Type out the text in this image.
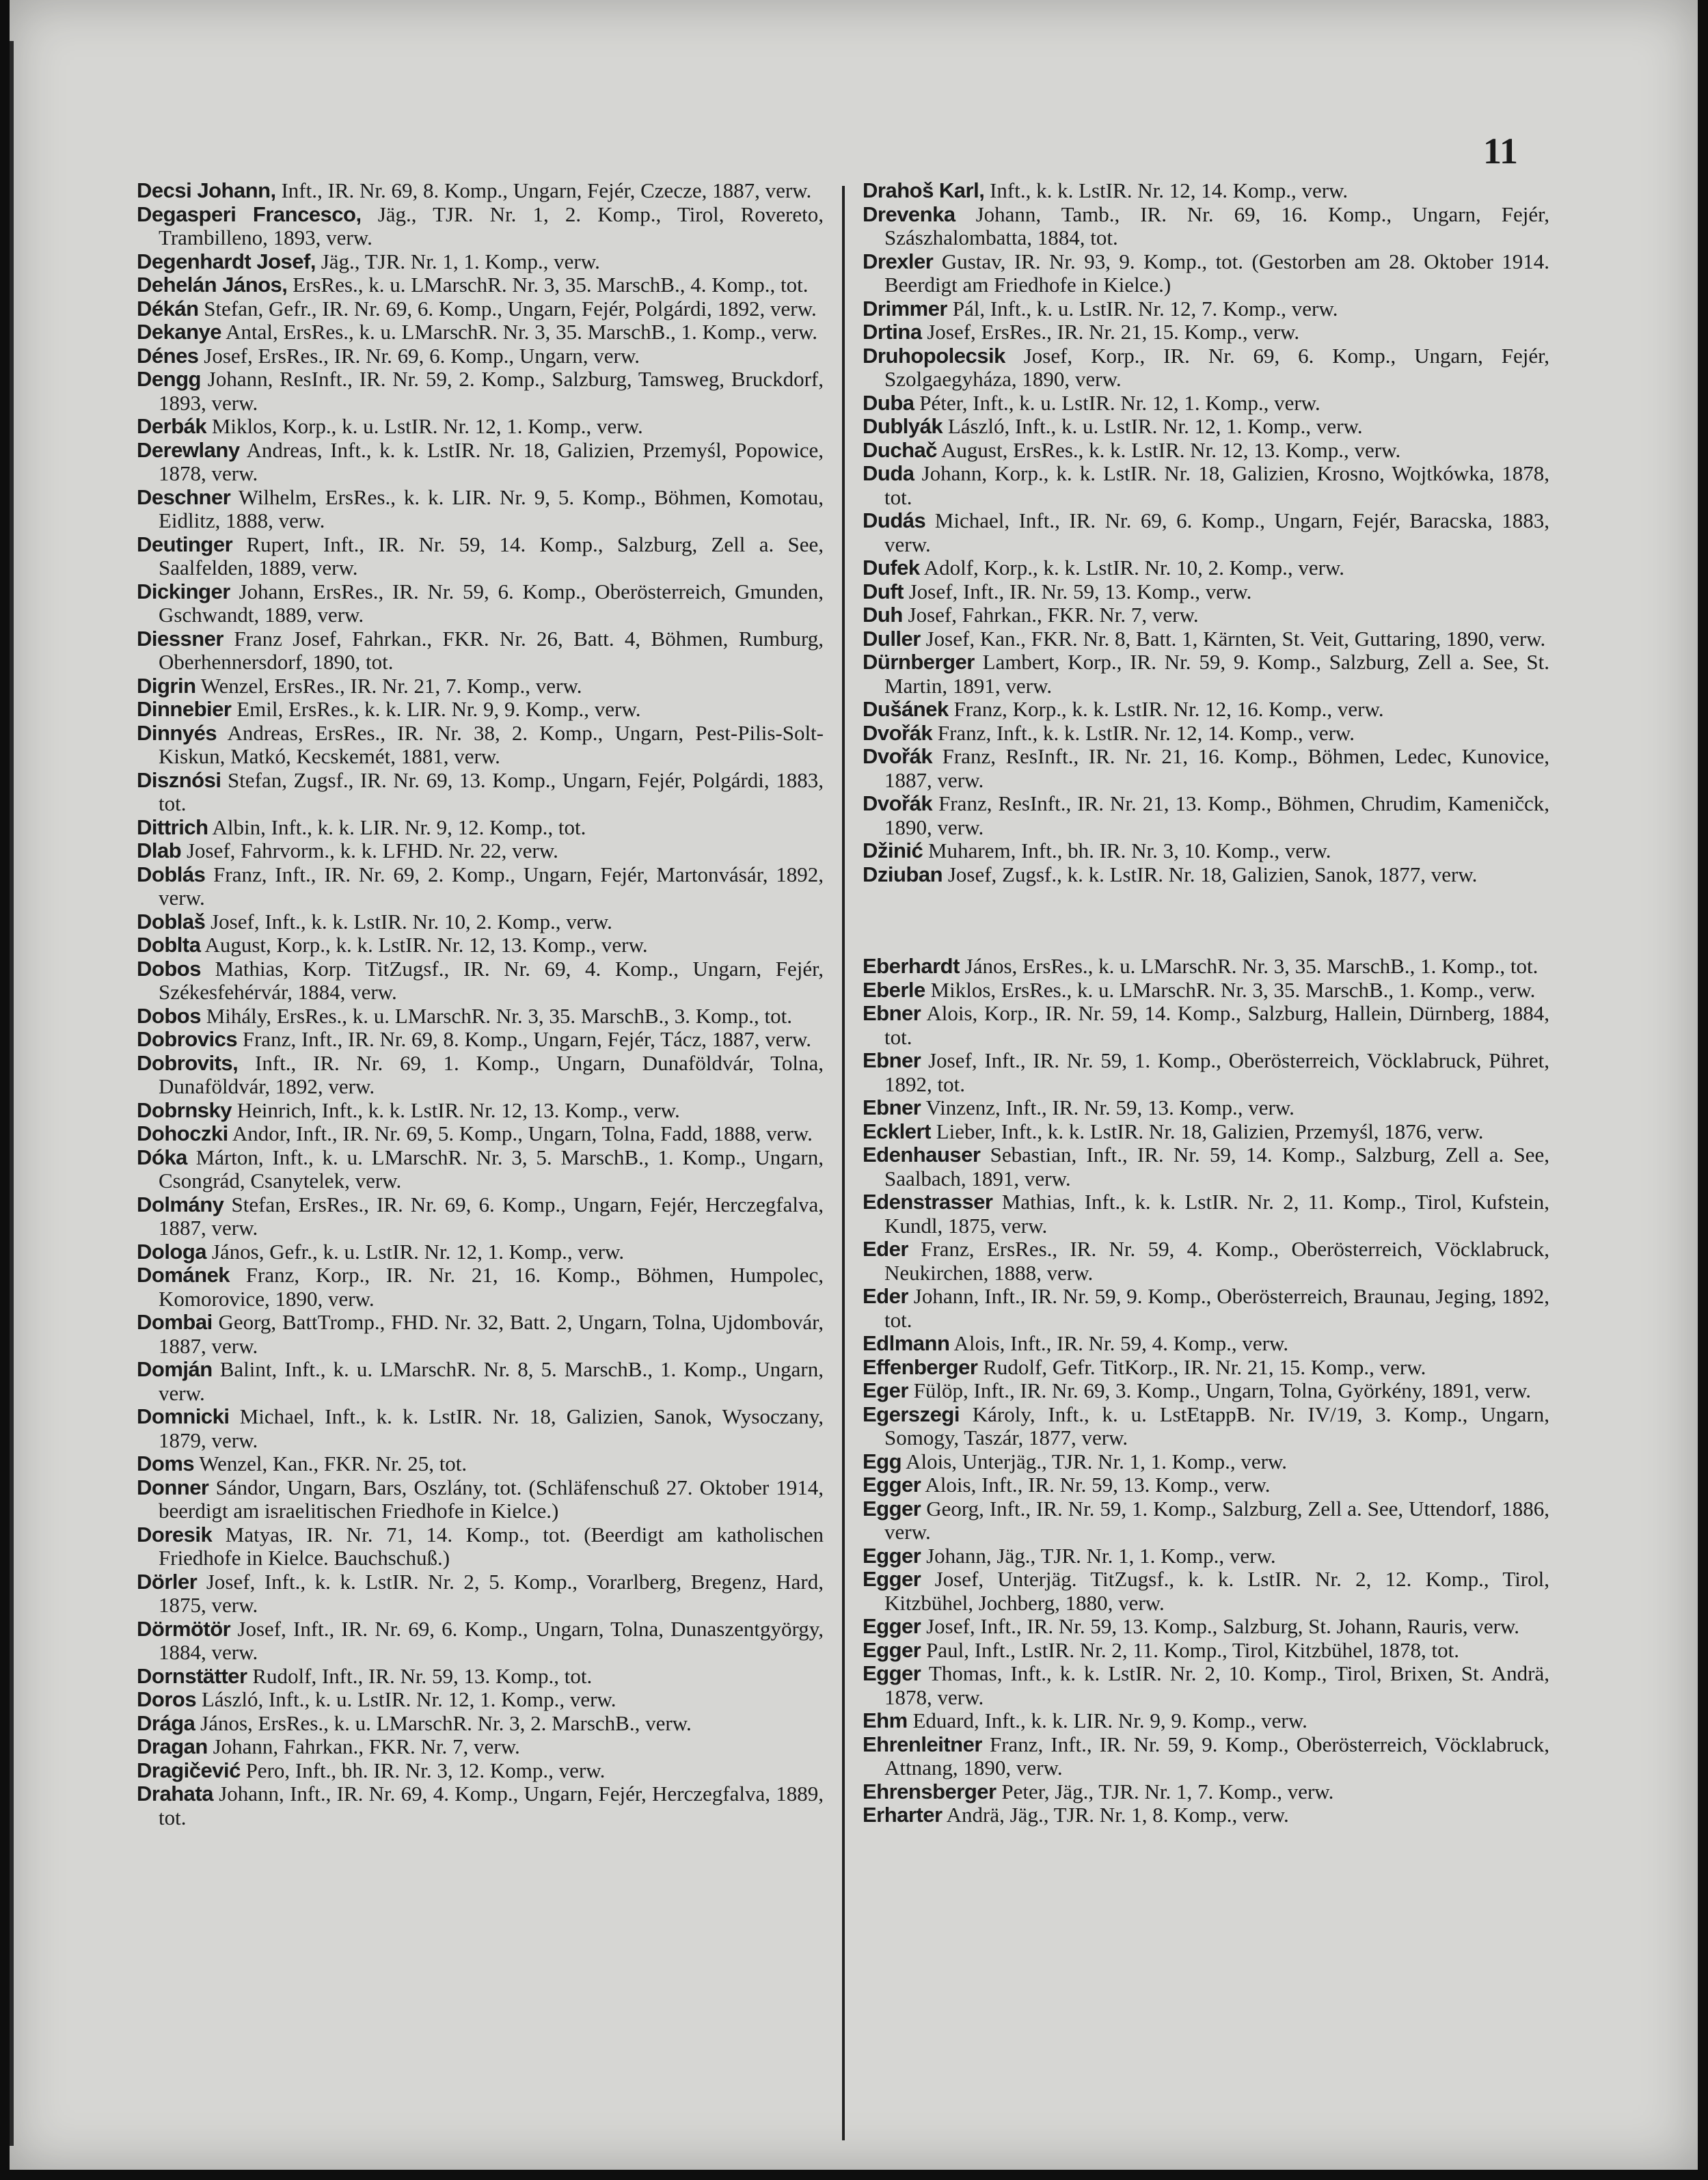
11

Decsi Johann, Inft., IR. Nr. 69, 8. Komp., Ungarn, Fejér, Czecze, 1887, verw.

Degasperi Francesco, Jäg., TJR. Nr. 1, 2. Komp., Tirol, Rovereto, Trambilleno, 1893, verw.

Degenhardt Josef, Jäg., TJR. Nr. 1, 1. Komp., verw.

Dehelán János, ErsRes., k. u. LMarschR. Nr. 3, 35. MarschB., 4. Komp., tot.

Dékán Stefan, Gefr., IR. Nr. 69, 6. Komp., Ungarn, Fejér, Polgárdi, 1892, verw.

Dekanye Antal, ErsRes., k. u. LMarschR. Nr. 3, 35. MarschB., 1. Komp., verw.

Dénes Josef, ErsRes., IR. Nr. 69, 6. Komp., Ungarn, verw.

Dengg Johann, ResInft., IR. Nr. 59, 2. Komp., Salzburg, Tamsweg, Bruckdorf, 1893, verw.

Derbák Miklos, Korp., k. u. LstIR. Nr. 12, 1. Komp., verw.

Derewlany Andreas, Inft., k. k. LstIR. Nr. 18, Galizien, Przemyśl, Popowice, 1878, verw.

Deschner Wilhelm, ErsRes., k. k. LIR. Nr. 9, 5. Komp., Böhmen, Komotau, Eidlitz, 1888, verw.

Deutinger Rupert, Inft., IR. Nr. 59, 14. Komp., Salzburg, Zell a. See, Saalfelden, 1889, verw.

Dickinger Johann, ErsRes., IR. Nr. 59, 6. Komp., Oberösterreich, Gmunden, Gschwandt, 1889, verw.

Diessner Franz Josef, Fahrkan., FKR. Nr. 26, Batt. 4, Böhmen, Rumburg, Oberhennersdorf, 1890, tot.

Digrin Wenzel, ErsRes., IR. Nr. 21, 7. Komp., verw.

Dinnebier Emil, ErsRes., k. k. LIR. Nr. 9, 9. Komp., verw.

Dinnyés Andreas, ErsRes., IR. Nr. 38, 2. Komp., Ungarn, Pest-Pilis-Solt-Kiskun, Matkó, Kecskemét, 1881, verw.

Disznósi Stefan, Zugsf., IR. Nr. 69, 13. Komp., Ungarn, Fejér, Polgárdi, 1883, tot.

Dittrich Albin, Inft., k. k. LIR. Nr. 9, 12. Komp., tot.

Dlab Josef, Fahrvorm., k. k. LFHD. Nr. 22, verw.

Doblás Franz, Inft., IR. Nr. 69, 2. Komp., Ungarn, Fejér, Martonvásár, 1892, verw.

Doblaš Josef, Inft., k. k. LstIR. Nr. 10, 2. Komp., verw.

Doblta August, Korp., k. k. LstIR. Nr. 12, 13. Komp., verw.

Dobos Mathias, Korp. TitZugsf., IR. Nr. 69, 4. Komp., Ungarn, Fejér, Székesfehérvár, 1884, verw.

Dobos Mihály, ErsRes., k. u. LMarschR. Nr. 3, 35. MarschB., 3. Komp., tot.

Dobrovics Franz, Inft., IR. Nr. 69, 8. Komp., Ungarn, Fejér, Tácz, 1887, verw.

Dobrovits, Inft., IR. Nr. 69, 1. Komp., Ungarn, Dunaföldvár, Tolna, Dunaföldvár, 1892, verw.

Dobrnsky Heinrich, Inft., k. k. LstIR. Nr. 12, 13. Komp., verw.

Dohoczki Andor, Inft., IR. Nr. 69, 5. Komp., Ungarn, Tolna, Fadd, 1888, verw.

Dóka Márton, Inft., k. u. LMarschR. Nr. 3, 5. MarschB., 1. Komp., Ungarn, Csongrád, Csanytelek, verw.

Dolmány Stefan, ErsRes., IR. Nr. 69, 6. Komp., Ungarn, Fejér, Herczegfalva, 1887, verw.

Dologa János, Gefr., k. u. LstIR. Nr. 12, 1. Komp., verw.

Dománek Franz, Korp., IR. Nr. 21, 16. Komp., Böhmen, Humpolec, Komorovice, 1890, verw.

Dombai Georg, BattTromp., FHD. Nr. 32, Batt. 2, Ungarn, Tolna, Ujdombovár, 1887, verw.

Domján Balint, Inft., k. u. LMarschR. Nr. 8, 5. MarschB., 1. Komp., Ungarn, verw.

Domnicki Michael, Inft., k. k. LstIR. Nr. 18, Galizien, Sanok, Wysoczany, 1879, verw.

Doms Wenzel, Kan., FKR. Nr. 25, tot.

Donner Sándor, Ungarn, Bars, Oszlány, tot. (Schläfenschuß 27. Oktober 1914, beerdigt am israelitischen Friedhofe in Kielce.)

Doresik Matyas, IR. Nr. 71, 14. Komp., tot. (Beerdigt am katholischen Friedhofe in Kielce. Bauchschuß.)

Dörler Josef, Inft., k. k. LstIR. Nr. 2, 5. Komp., Vorarlberg, Bregenz, Hard, 1875, verw.

Dörmötör Josef, Inft., IR. Nr. 69, 6. Komp., Ungarn, Tolna, Dunaszentgyörgy, 1884, verw.

Dornstätter Rudolf, Inft., IR. Nr. 59, 13. Komp., tot.

Doros László, Inft., k. u. LstIR. Nr. 12, 1. Komp., verw.

Drága János, ErsRes., k. u. LMarschR. Nr. 3, 2. MarschB., verw.

Dragan Johann, Fahrkan., FKR. Nr. 7, verw.

Dragičević Pero, Inft., bh. IR. Nr. 3, 12. Komp., verw.

Drahata Johann, Inft., IR. Nr. 69, 4. Komp., Ungarn, Fejér, Herczegfalva, 1889, tot.

Drahoš Karl, Inft., k. k. LstIR. Nr. 12, 14. Komp., verw.

Drevenka Johann, Tamb., IR. Nr. 69, 16. Komp., Ungarn, Fejér, Szászhalombatta, 1884, tot.

Drexler Gustav, IR. Nr. 93, 9. Komp., tot. (Gestorben am 28. Oktober 1914. Beerdigt am Friedhofe in Kielce.)

Drimmer Pál, Inft., k. u. LstIR. Nr. 12, 7. Komp., verw.

Drtina Josef, ErsRes., IR. Nr. 21, 15. Komp., verw.

Druhopolecsik Josef, Korp., IR. Nr. 69, 6. Komp., Ungarn, Fejér, Szolgaegyháza, 1890, verw.

Duba Péter, Inft., k. u. LstIR. Nr. 12, 1. Komp., verw.

Dublyák László, Inft., k. u. LstIR. Nr. 12, 1. Komp., verw.

Duchač August, ErsRes., k. k. LstIR. Nr. 12, 13. Komp., verw.

Duda Johann, Korp., k. k. LstIR. Nr. 18, Galizien, Krosno, Wojtkówka, 1878, tot.

Dudás Michael, Inft., IR. Nr. 69, 6. Komp., Ungarn, Fejér, Baracska, 1883, verw.

Dufek Adolf, Korp., k. k. LstIR. Nr. 10, 2. Komp., verw.

Duft Josef, Inft., IR. Nr. 59, 13. Komp., verw.

Duh Josef, Fahrkan., FKR. Nr. 7, verw.

Duller Josef, Kan., FKR. Nr. 8, Batt. 1, Kärnten, St. Veit, Guttaring, 1890, verw.

Dürnberger Lambert, Korp., IR. Nr. 59, 9. Komp., Salzburg, Zell a. See, St. Martin, 1891, verw.

Dušánek Franz, Korp., k. k. LstIR. Nr. 12, 16. Komp., verw.

Dvořák Franz, Inft., k. k. LstIR. Nr. 12, 14. Komp., verw.

Dvořák Franz, ResInft., IR. Nr. 21, 16. Komp., Böhmen, Ledec, Kunovice, 1887, verw.

Dvořák Franz, ResInft., IR. Nr. 21, 13. Komp., Böhmen, Chrudim, Kameničck, 1890, verw.

Džinić Muharem, Inft., bh. IR. Nr. 3, 10. Komp., verw.

Dziuban Josef, Zugsf., k. k. LstIR. Nr. 18, Galizien, Sanok, 1877, verw.

Eberhardt János, ErsRes., k. u. LMarschR. Nr. 3, 35. MarschB., 1. Komp., tot.

Eberle Miklos, ErsRes., k. u. LMarschR. Nr. 3, 35. MarschB., 1. Komp., verw.

Ebner Alois, Korp., IR. Nr. 59, 14. Komp., Salzburg, Hallein, Dürnberg, 1884, tot.

Ebner Josef, Inft., IR. Nr. 59, 1. Komp., Oberösterreich, Vöcklabruck, Pühret, 1892, tot.

Ebner Vinzenz, Inft., IR. Nr. 59, 13. Komp., verw.

Ecklert Lieber, Inft., k. k. LstIR. Nr. 18, Galizien, Przemyśl, 1876, verw.

Edenhauser Sebastian, Inft., IR. Nr. 59, 14. Komp., Salzburg, Zell a. See, Saalbach, 1891, verw.

Edenstrasser Mathias, Inft., k. k. LstIR. Nr. 2, 11. Komp., Tirol, Kufstein, Kundl, 1875, verw.

Eder Franz, ErsRes., IR. Nr. 59, 4. Komp., Oberösterreich, Vöcklabruck, Neukirchen, 1888, verw.

Eder Johann, Inft., IR. Nr. 59, 9. Komp., Oberösterreich, Braunau, Jeging, 1892, tot.

Edlmann Alois, Inft., IR. Nr. 59, 4. Komp., verw.

Effenberger Rudolf, Gefr. TitKorp., IR. Nr. 21, 15. Komp., verw.

Eger Fülöp, Inft., IR. Nr. 69, 3. Komp., Ungarn, Tolna, Györkény, 1891, verw.

Egerszegi Károly, Inft., k. u. LstEtappB. Nr. IV/19, 3. Komp., Ungarn, Somogy, Taszár, 1877, verw.

Egg Alois, Unterjäg., TJR. Nr. 1, 1. Komp., verw.

Egger Alois, Inft., IR. Nr. 59, 13. Komp., verw.

Egger Georg, Inft., IR. Nr. 59, 1. Komp., Salzburg, Zell a. See, Uttendorf, 1886, verw.

Egger Johann, Jäg., TJR. Nr. 1, 1. Komp., verw.

Egger Josef, Unterjäg. TitZugsf., k. k. LstIR. Nr. 2, 12. Komp., Tirol, Kitzbühel, Jochberg, 1880, verw.

Egger Josef, Inft., IR. Nr. 59, 13. Komp., Salzburg, St. Johann, Rauris, verw.

Egger Paul, Inft., LstIR. Nr. 2, 11. Komp., Tirol, Kitzbühel, 1878, tot.

Egger Thomas, Inft., k. k. LstIR. Nr. 2, 10. Komp., Tirol, Brixen, St. Andrä, 1878, verw.

Ehm Eduard, Inft., k. k. LIR. Nr. 9, 9. Komp., verw.

Ehrenleitner Franz, Inft., IR. Nr. 59, 9. Komp., Oberösterreich, Vöcklabruck, Attnang, 1890, verw.

Ehrensberger Peter, Jäg., TJR. Nr. 1, 7. Komp., verw.

Erharter Andrä, Jäg., TJR. Nr. 1, 8. Komp., verw.
